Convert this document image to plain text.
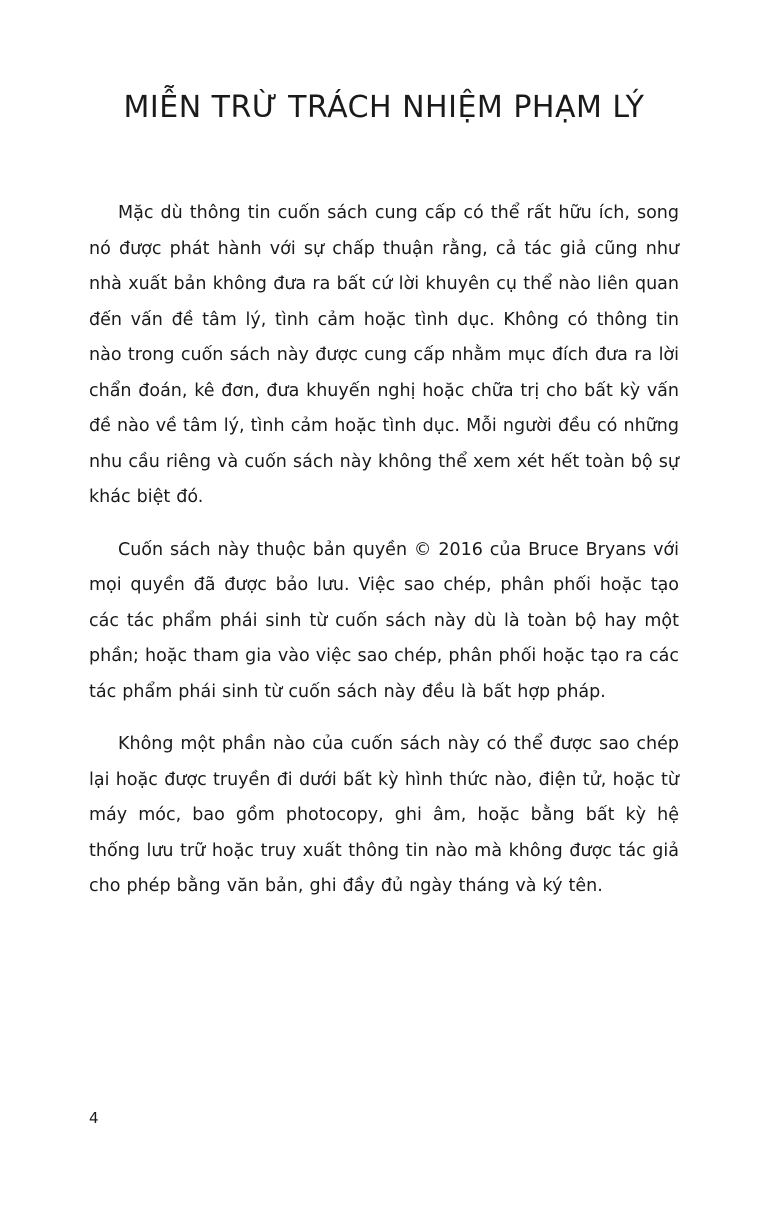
MIỄN TRỪ TRÁCH NHIỆM PHẠM LÝ

Mặc dù thông tin cuốn sách cung cấp có thể rất hữu ích, song nó được phát hành với sự chấp thuận rằng, cả tác giả cũng như nhà xuất bản không đưa ra bất cứ lời khuyên cụ thể nào liên quan đến vấn đề tâm lý, tình cảm hoặc tình dục. Không có thông tin nào trong cuốn sách này được cung cấp nhằm mục đích đưa ra lời chẩn đoán, kê đơn, đưa khuyến nghị hoặc chữa trị cho bất kỳ vấn đề nào về tâm lý, tình cảm hoặc tình dục. Mỗi người đều có những nhu cầu riêng và cuốn sách này không thể xem xét hết toàn bộ sự khác biệt đó.

Cuốn sách này thuộc bản quyền © 2016 của Bruce Bryans với mọi quyền đã được bảo lưu. Việc sao chép, phân phối hoặc tạo các tác phẩm phái sinh từ cuốn sách này dù là toàn bộ hay một phần; hoặc tham gia vào việc sao chép, phân phối hoặc tạo ra các tác phẩm phái sinh từ cuốn sách này đều là bất hợp pháp.

Không một phần nào của cuốn sách này có thể được sao chép lại hoặc được truyền đi dưới bất kỳ hình thức nào, điện tử, hoặc từ máy móc, bao gồm photocopy, ghi âm, hoặc bằng bất kỳ hệ thống lưu trữ hoặc truy xuất thông tin nào mà không được tác giả cho phép bằng văn bản, ghi đầy đủ ngày tháng và ký tên.

4
